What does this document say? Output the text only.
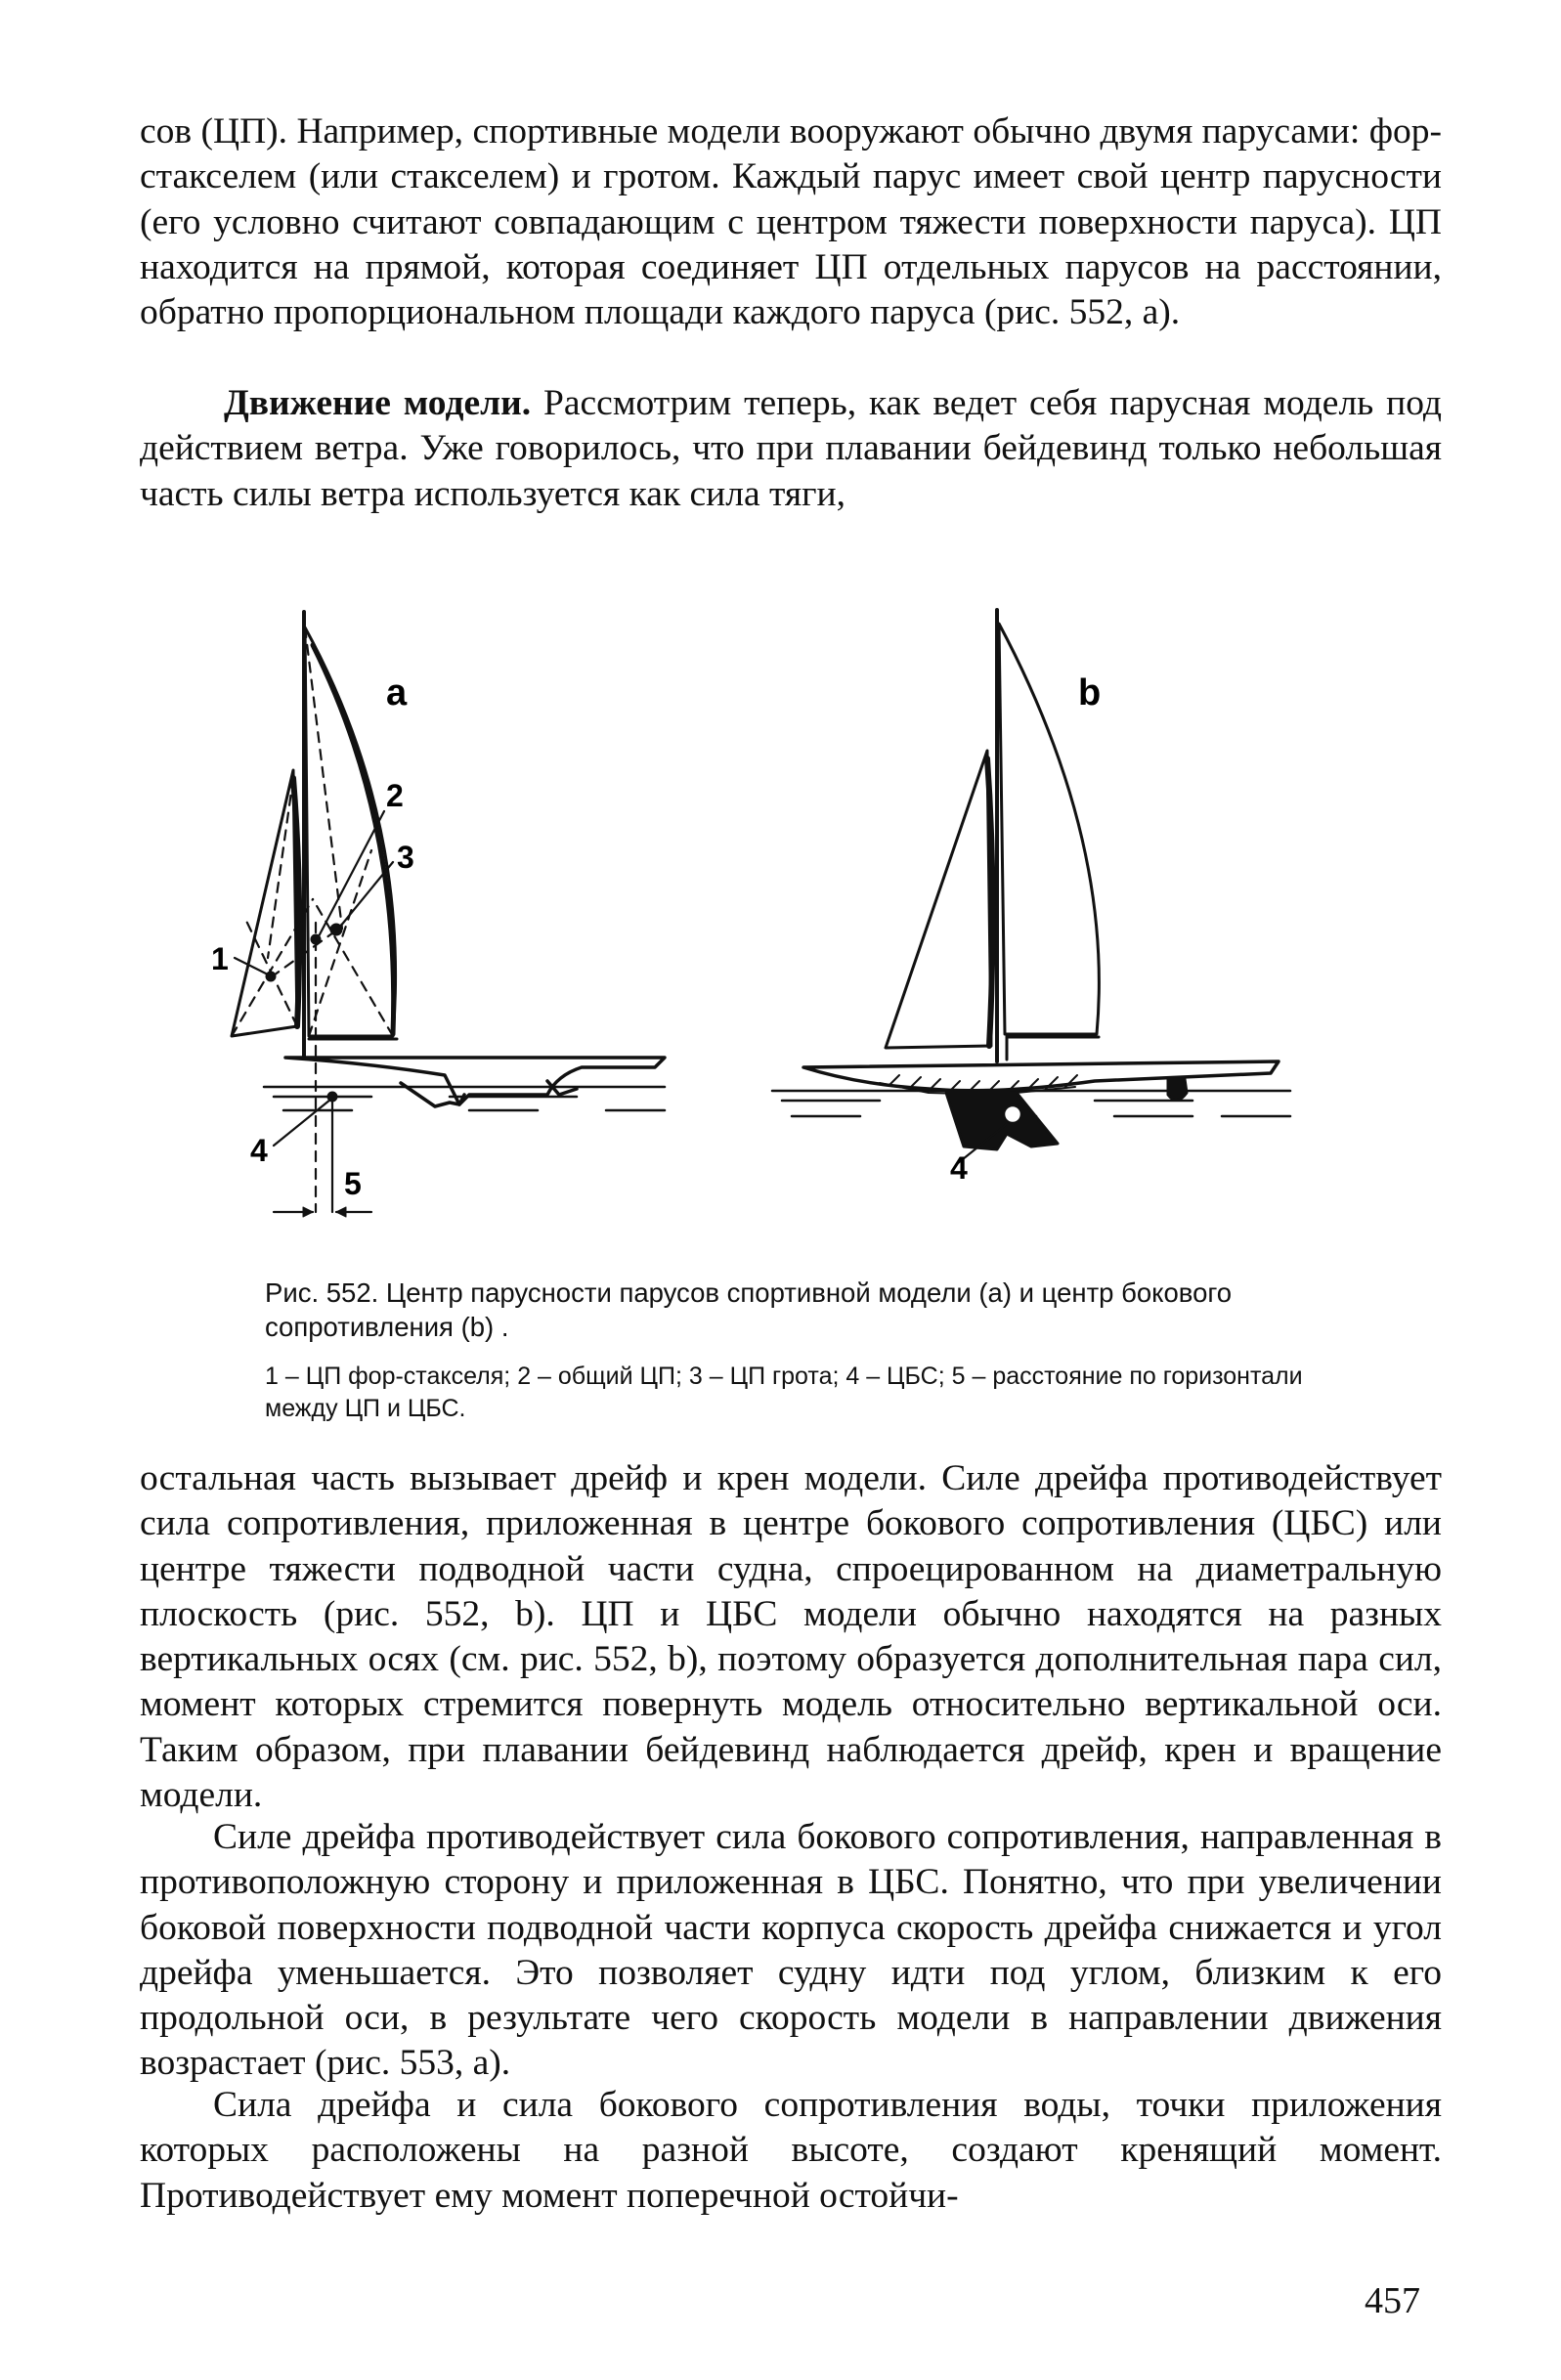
сов (ЦП). Например, спортивные модели вооружают обычно двумя парусами: фор-стакселем (или стакселем) и гротом. Каждый парус имеет свой центр парусности (его условно считают совпадающим с центром тяжести поверхности паруса). ЦП находится на прямой, которая соединяет ЦП отдельных парусов на расстоянии, обратно пропорциональном площади каждого паруса (рис. 552, а).

Движение модели. Рассмотрим теперь, как ведет себя парусная модель под действием ветра. Уже говорилось, что при плавании бейдевинд только небольшая часть силы ветра используется как сила тяги,

a
1
2
3
4
5
b
4

Рис. 552. Центр парусности парусов спортивной модели (а) и центр бокового сопротивления (b) .

1 – ЦП фор-стакселя; 2 – общий ЦП; 3 – ЦП грота; 4 – ЦБС; 5 – расстояние по горизонтали между ЦП и ЦБС.

остальная часть вызывает дрейф и крен модели. Силе дрейфа противодействует сила сопротивления, приложенная в центре бокового сопротивления (ЦБС) или центре тяжести подводной части судна, спроецированном на диаметральную плоскость (рис. 552, b). ЦП и ЦБС модели обычно находятся на разных вертикальных осях (см. рис. 552, b), поэтому образуется дополнительная пара сил, момент которых стремится повернуть модель относительно вертикальной оси. Таким образом, при плавании бейдевинд наблюдается дрейф, крен и вращение модели.

Силе дрейфа противодействует сила бокового сопротивления, направленная в противоположную сторону и приложенная в ЦБС. Понятно, что при увеличении боковой поверхности подводной части корпуса скорость дрейфа снижается и угол дрейфа уменьшается. Это позволяет судну идти под углом, близким к его продольной оси, в результате чего скорость модели в направлении движения возрастает (рис. 553, а).

Сила дрейфа и сила бокового сопротивления воды, точки приложения которых расположены на разной высоте, создают кренящий момент. Противодействует ему момент поперечной остойчи-

457
